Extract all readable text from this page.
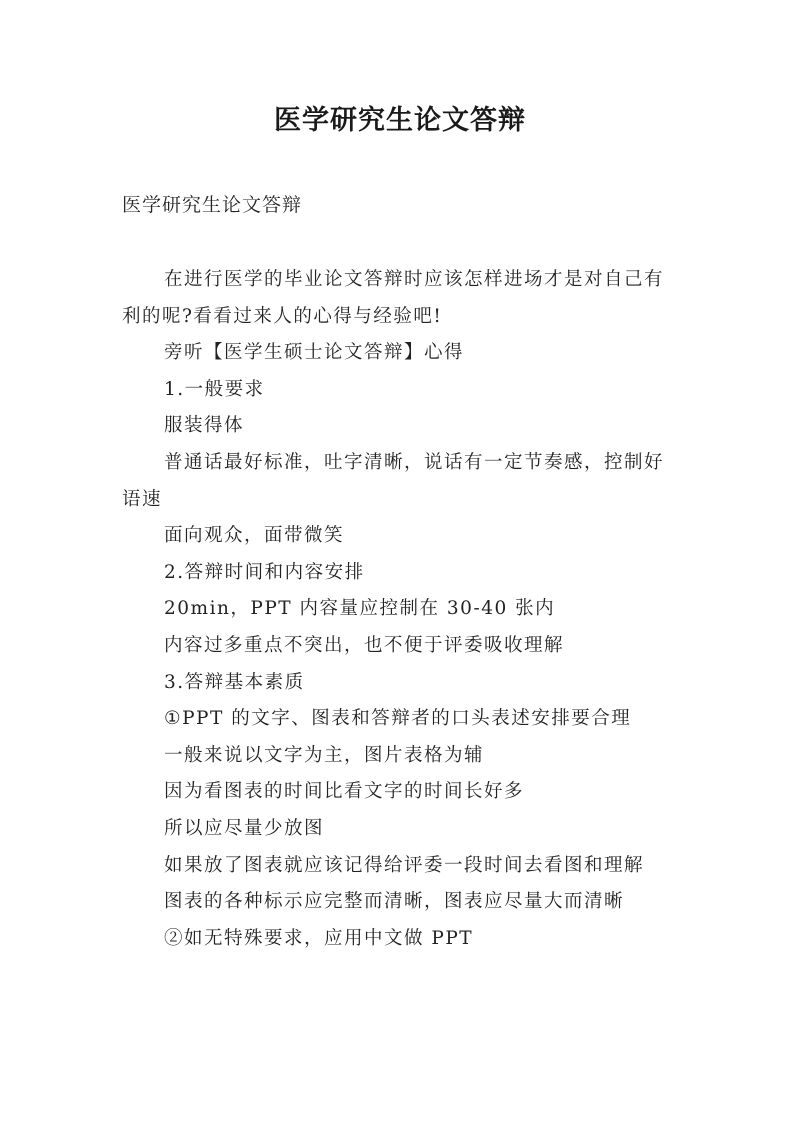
医学研究生论文答辩
医学研究生论文答辩

在进行医学的毕业论文答辩时应该怎样进场才是对自己有利的呢?看看过来人的心得与经验吧!

旁听【医学生硕士论文答辩】心得

1.一般要求

服装得体

普通话最好标准，吐字清晰，说话有一定节奏感，控制好语速

面向观众，面带微笑

2.答辩时间和内容安排

20min，PPT 内容量应控制在 30-40 张内

内容过多重点不突出，也不便于评委吸收理解

3.答辩基本素质

①PPT 的文字、图表和答辩者的口头表述安排要合理

一般来说以文字为主，图片表格为辅

因为看图表的时间比看文字的时间长好多

所以应尽量少放图

如果放了图表就应该记得给评委一段时间去看图和理解

图表的各种标示应完整而清晰，图表应尽量大而清晰

②如无特殊要求，应用中文做 PPT
